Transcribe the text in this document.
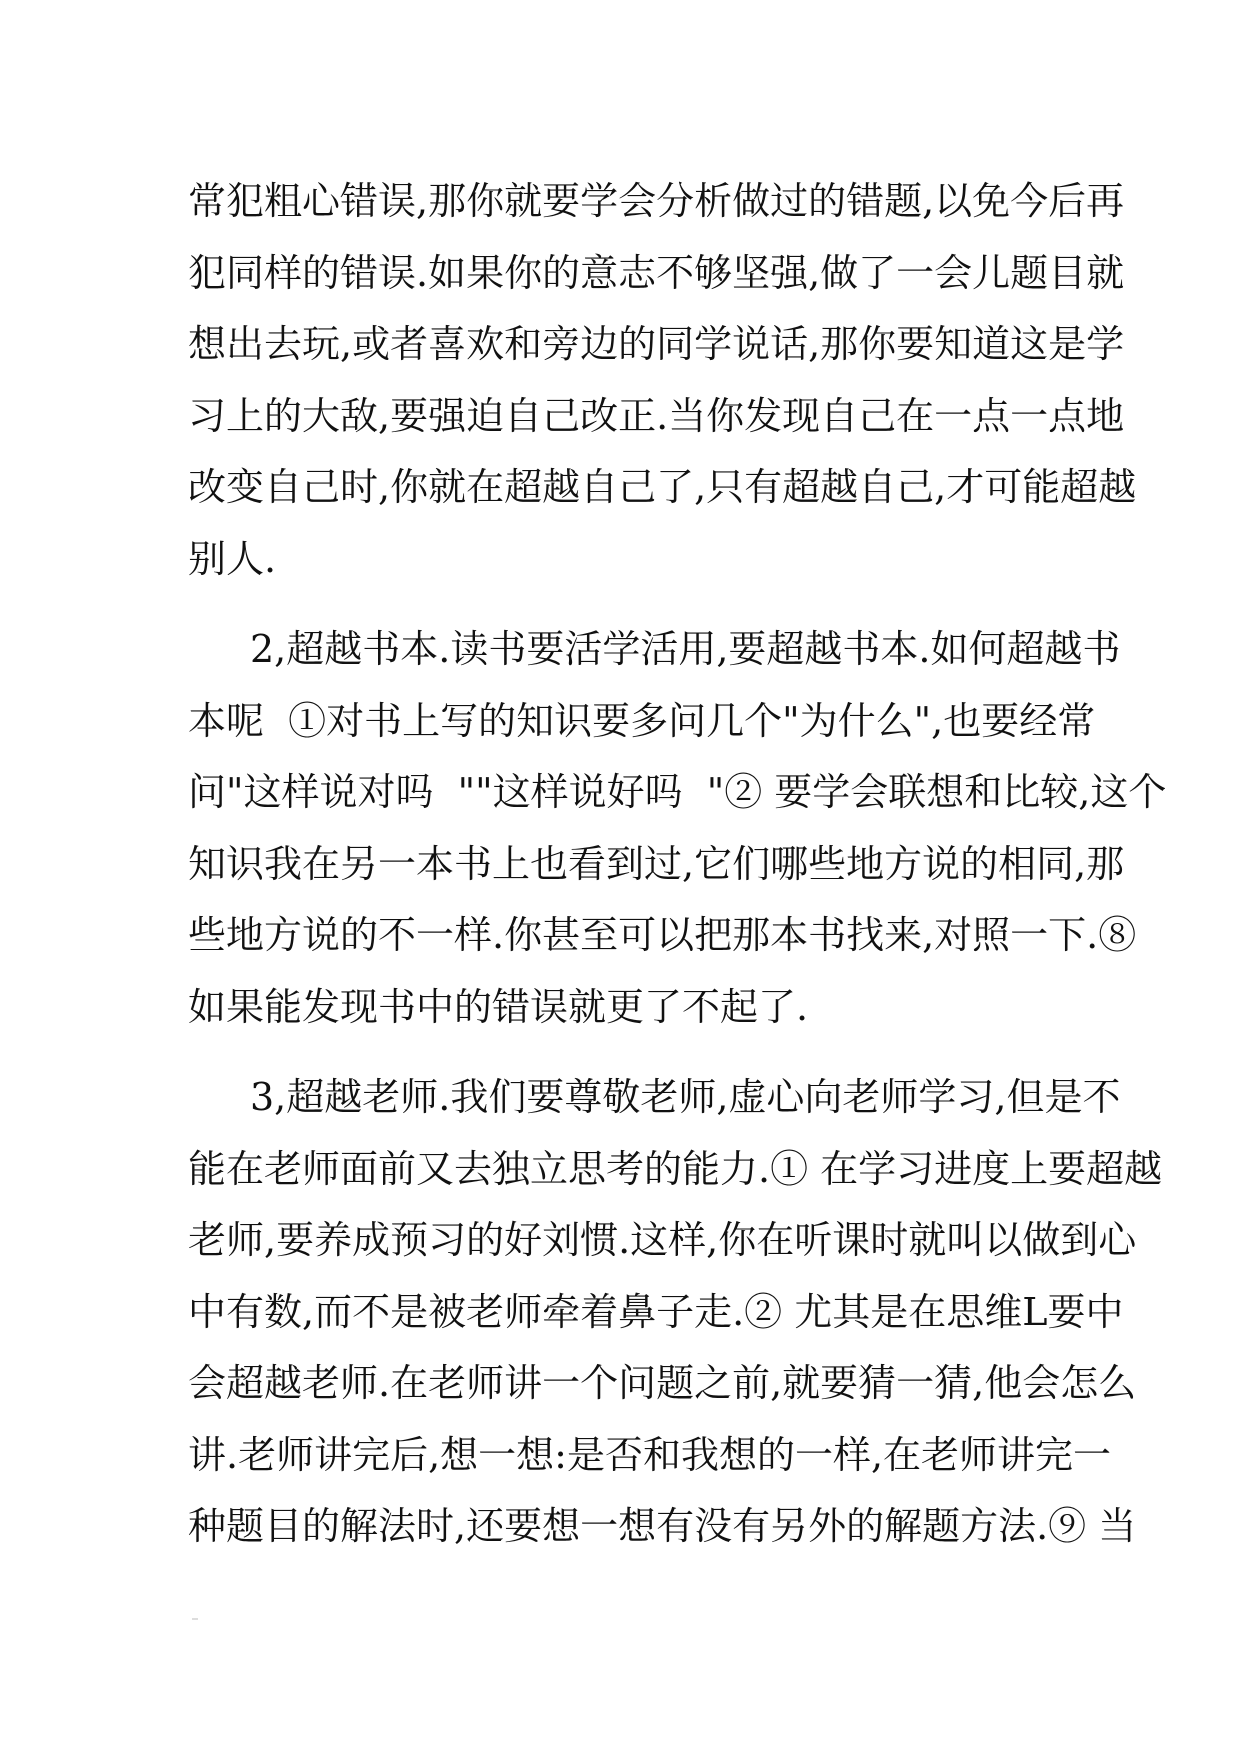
常犯粗心错误,那你就要学会分析做过的错题,以免今后再
犯同样的错误.如果你的意志不够坚强,做了一会儿题目就
想出去玩,或者喜欢和旁边的同学说话,那你要知道这是学
习上的大敌,要强迫自己改正.当你发现自己在一点一点地
改变自己时,你就在超越自己了,只有超越自己,才可能超越
别人.
2,超越书本.读书要活学活用,要超越书本.如何超越书
本呢  ①对书上写的知识要多问几个"为什么",也要经常
问"这样说对吗  ""这样说好吗  "② 要学会联想和比较,这个
知识我在另一本书上也看到过,它们哪些地方说的相同,那
些地方说的不一样.你甚至可以把那本书找来,对照一下.⑧
如果能发现书中的错误就更了不起了.
3,超越老师.我们要尊敬老师,虚心向老师学习,但是不
能在老师面前又去独立思考的能力.① 在学习进度上要超越
老师,要养成预习的好刘惯.这样,你在听课时就叫以做到心
中有数,而不是被老师牵着鼻子走.② 尤其是在思维L要中
会超越老师.在老师讲一个问题之前,就要猜一猜,他会怎么
讲.老师讲完后,想一想:是否和我想的一样,在老师讲完一
种题目的解法时,还要想一想有没有另外的解题方法.⑨ 当
